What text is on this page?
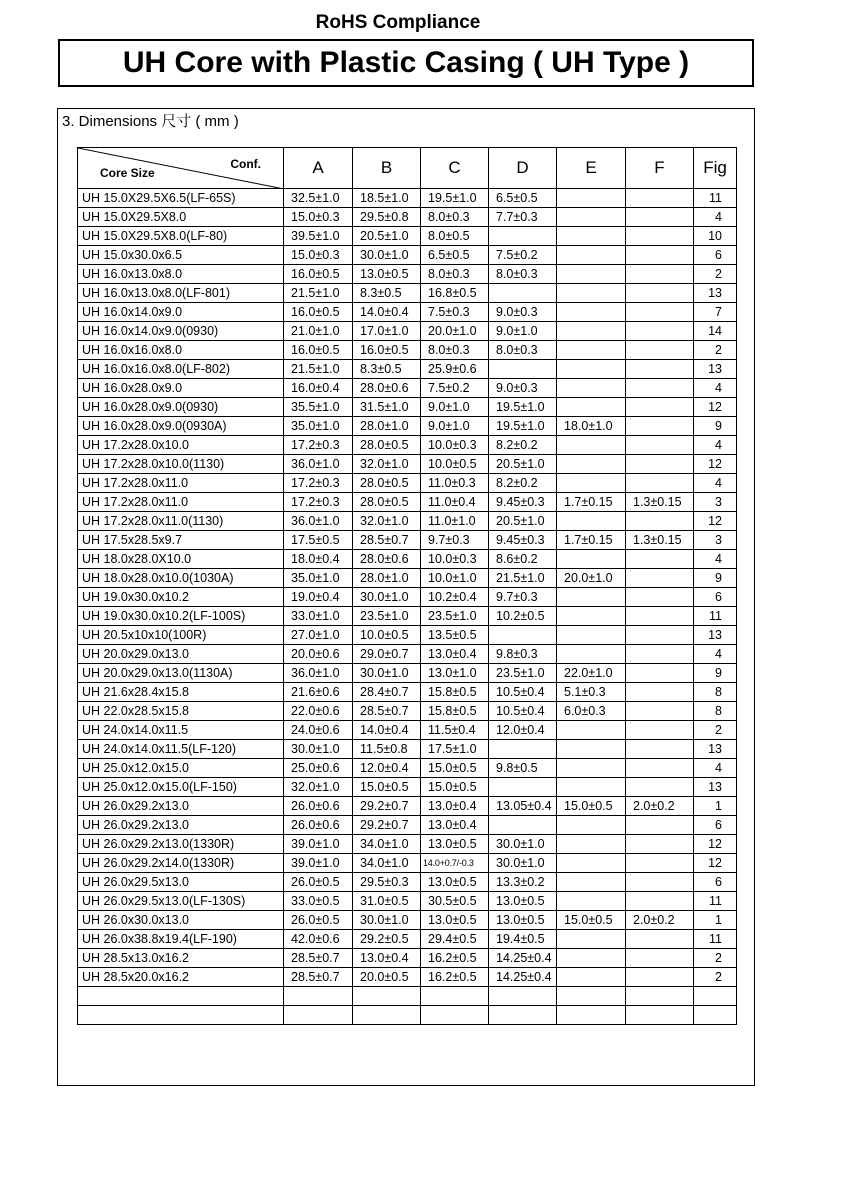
RoHS Compliance
UH Core with Plastic Casing ( UH Type )
3. Dimensions 尺寸 ( mm )
Conf.
Core Size	A	B	C	D	E	F	Fig
UH 15.0X29.5X6.5(LF-65S)	32.5±1.0	18.5±1.0	19.5±1.0	6.5±0.5			11
UH 15.0X29.5X8.0	15.0±0.3	29.5±0.8	8.0±0.3	7.7±0.3			4
UH 15.0X29.5X8.0(LF-80)	39.5±1.0	20.5±1.0	8.0±0.5				10
UH 15.0x30.0x6.5	15.0±0.3	30.0±1.0	6.5±0.5	7.5±0.2			6
UH 16.0x13.0x8.0	16.0±0.5	13.0±0.5	8.0±0.3	8.0±0.3			2
UH 16.0x13.0x8.0(LF-801)	21.5±1.0	8.3±0.5	16.8±0.5				13
UH 16.0x14.0x9.0	16.0±0.5	14.0±0.4	7.5±0.3	9.0±0.3			7
UH 16.0x14.0x9.0(0930)	21.0±1.0	17.0±1.0	20.0±1.0	9.0±1.0			14
UH 16.0x16.0x8.0	16.0±0.5	16.0±0.5	8.0±0.3	8.0±0.3			2
UH 16.0x16.0x8.0(LF-802)	21.5±1.0	8.3±0.5	25.9±0.6				13
UH 16.0x28.0x9.0	16.0±0.4	28.0±0.6	7.5±0.2	9.0±0.3			4
UH 16.0x28.0x9.0(0930)	35.5±1.0	31.5±1.0	9.0±1.0	19.5±1.0			12
UH 16.0x28.0x9.0(0930A)	35.0±1.0	28.0±1.0	9.0±1.0	19.5±1.0	18.0±1.0		9
UH 17.2x28.0x10.0	17.2±0.3	28.0±0.5	10.0±0.3	8.2±0.2			4
UH 17.2x28.0x10.0(1130)	36.0±1.0	32.0±1.0	10.0±0.5	20.5±1.0			12
UH 17.2x28.0x11.0	17.2±0.3	28.0±0.5	11.0±0.3	8.2±0.2			4
UH 17.2x28.0x11.0	17.2±0.3	28.0±0.5	11.0±0.4	9.45±0.3	1.7±0.15	1.3±0.15	3
UH 17.2x28.0x11.0(1130)	36.0±1.0	32.0±1.0	11.0±1.0	20.5±1.0			12
UH 17.5x28.5x9.7	17.5±0.5	28.5±0.7	9.7±0.3	9.45±0.3	1.7±0.15	1.3±0.15	3
UH 18.0x28.0X10.0	18.0±0.4	28.0±0.6	10.0±0.3	8.6±0.2			4
UH 18.0x28.0x10.0(1030A)	35.0±1.0	28.0±1.0	10.0±1.0	21.5±1.0	20.0±1.0		9
UH 19.0x30.0x10.2	19.0±0.4	30.0±1.0	10.2±0.4	9.7±0.3			6
UH 19.0x30.0x10.2(LF-100S)	33.0±1.0	23.5±1.0	23.5±1.0	10.2±0.5			11
UH 20.5x10x10(100R)	27.0±1.0	10.0±0.5	13.5±0.5				13
UH 20.0x29.0x13.0	20.0±0.6	29.0±0.7	13.0±0.4	9.8±0.3			4
UH 20.0x29.0x13.0(1130A)	36.0±1.0	30.0±1.0	13.0±1.0	23.5±1.0	22.0±1.0		9
UH 21.6x28.4x15.8	21.6±0.6	28.4±0.7	15.8±0.5	10.5±0.4	5.1±0.3		8
UH 22.0x28.5x15.8	22.0±0.6	28.5±0.7	15.8±0.5	10.5±0.4	6.0±0.3		8
UH 24.0x14.0x11.5	24.0±0.6	14.0±0.4	11.5±0.4	12.0±0.4			2
UH 24.0x14.0x11.5(LF-120)	30.0±1.0	11.5±0.8	17.5±1.0				13
UH 25.0x12.0x15.0	25.0±0.6	12.0±0.4	15.0±0.5	9.8±0.5			4
UH 25.0x12.0x15.0(LF-150)	32.0±1.0	15.0±0.5	15.0±0.5				13
UH 26.0x29.2x13.0	26.0±0.6	29.2±0.7	13.0±0.4	13.05±0.4	15.0±0.5	2.0±0.2	1
UH 26.0x29.2x13.0	26.0±0.6	29.2±0.7	13.0±0.4				6
UH 26.0x29.2x13.0(1330R)	39.0±1.0	34.0±1.0	13.0±0.5	30.0±1.0			12
UH 26.0x29.2x14.0(1330R)	39.0±1.0	34.0±1.0	14.0+0.7/-0.3	30.0±1.0			12
UH 26.0x29.5x13.0	26.0±0.5	29.5±0.3	13.0±0.5	13.3±0.2			6
UH 26.0x29.5x13.0(LF-130S)	33.0±0.5	31.0±0.5	30.5±0.5	13.0±0.5			11
UH 26.0x30.0x13.0	26.0±0.5	30.0±1.0	13.0±0.5	13.0±0.5	15.0±0.5	2.0±0.2	1
UH 26.0x38.8x19.4(LF-190)	42.0±0.6	29.2±0.5	29.4±0.5	19.4±0.5			11
UH 28.5x13.0x16.2	28.5±0.7	13.0±0.4	16.2±0.5	14.25±0.4			2
UH 28.5x20.0x16.2	28.5±0.7	20.0±0.5	16.2±0.5	14.25±0.4			2
